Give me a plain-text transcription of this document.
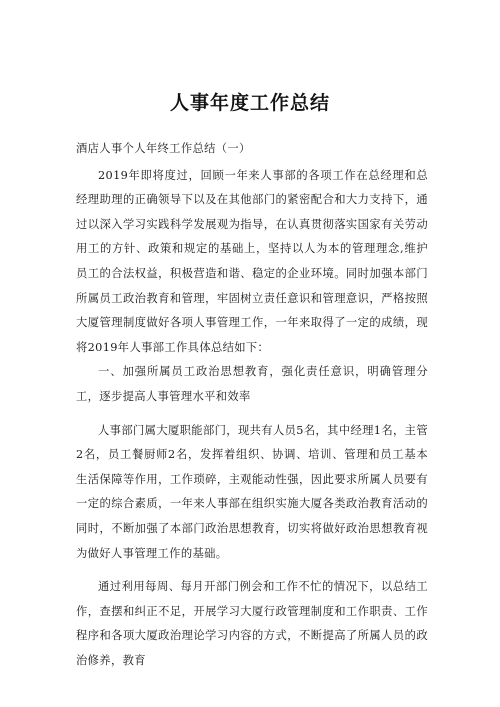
人事年度工作总结

酒店人事个人年终工作总结（一）

2019年即将度过，回顾一年来人事部的各项工作在总经理和总经理助理的正确领导下以及在其他部门的紧密配合和大力支持下，通过以深入学习实践科学发展观为指导，在认真贯彻落实国家有关劳动用工的方针、政策和规定的基础上，坚持以人为本的管理理念,维护员工的合法权益，积极营造和谐、稳定的企业环境。同时加强本部门所属员工政治教育和管理，牢固树立责任意识和管理意识，严格按照大厦管理制度做好各项人事管理工作，一年来取得了一定的成绩，现将2019年人事部工作具体总结如下：

一、加强所属员工政治思想教育，强化责任意识，明确管理分工，逐步提高人事管理水平和效率

人事部门属大厦职能部门，现共有人员5名，其中经理1名，主管2名，员工餐厨师2名，发挥着组织、协调、培训、管理和员工基本生活保障等作用，工作琐碎，主观能动性强，因此要求所属人员要有一定的综合素质，一年来人事部在组织实施大厦各类政治教育活动的同时，不断加强了本部门政治思想教育，切实将做好政治思想教育视为做好人事管理工作的基础。

通过利用每周、每月开部门例会和工作不忙的情况下，以总结工作，查摆和纠正不足，开展学习大厦行政管理制度和工作职责、工作程序和各项大厦政治理论学习内容的方式，不断提高了所属人员的政治修养，教育
